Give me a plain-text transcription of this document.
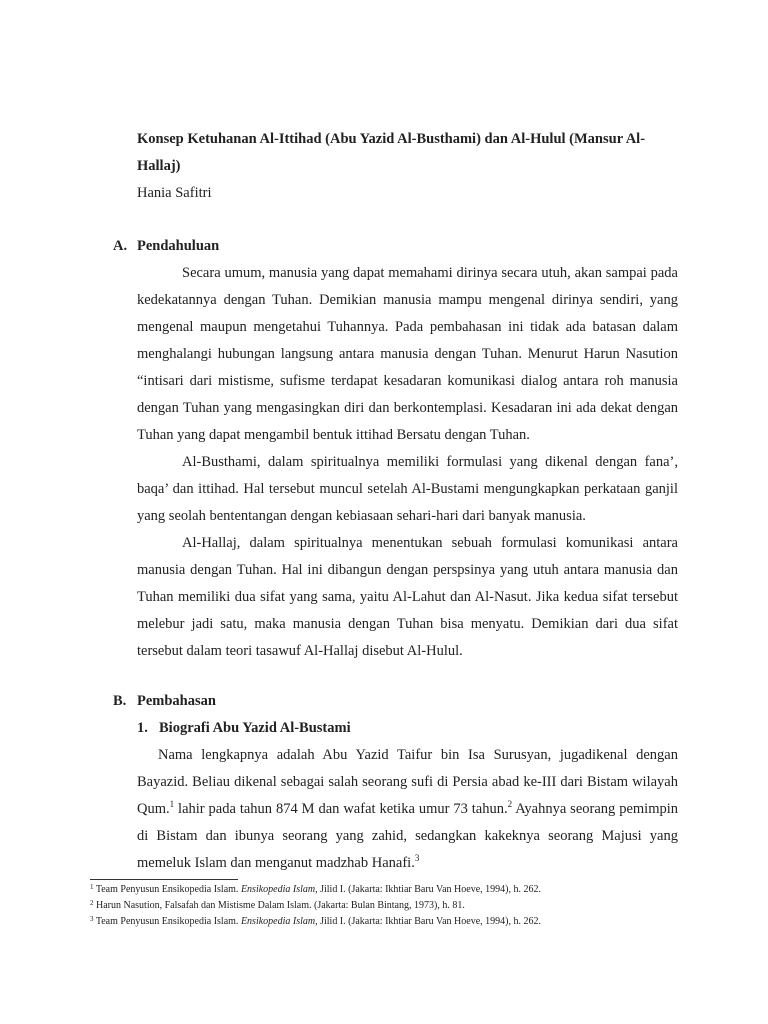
Konsep Ketuhanan Al-Ittihad (Abu Yazid Al-Busthami) dan Al-Hulul (Mansur Al-Hallaj)
Hania Safitri
A. Pendahuluan

Secara umum, manusia yang dapat memahami dirinya secara utuh, akan sampai pada kedekatannya dengan Tuhan. Demikian manusia mampu mengenal dirinya sendiri, yang mengenal maupun mengetahui Tuhannya. Pada pembahasan ini tidak ada batasan dalam menghalangi hubungan langsung antara manusia dengan Tuhan. Menurut Harun Nasution “intisari dari mistisme, sufisme terdapat kesadaran komunikasi dialog antara roh manusia dengan Tuhan yang mengasingkan diri dan berkontemplasi. Kesadaran ini ada dekat dengan Tuhan yang dapat mengambil bentuk ittihad Bersatu dengan Tuhan.

Al-Busthami, dalam spiritualnya memiliki formulasi yang dikenal dengan fana’, baqa’ dan ittihad. Hal tersebut muncul setelah Al-Bustami mengungkapkan perkataan ganjil yang seolah bententangan dengan kebiasaan sehari-hari dari banyak manusia.

Al-Hallaj, dalam spiritualnya menentukan sebuah formulasi komunikasi antara manusia dengan Tuhan. Hal ini dibangun dengan perspsinya yang utuh antara manusia dan Tuhan memiliki dua sifat yang sama, yaitu Al-Lahut dan Al-Nasut. Jika kedua sifat tersebut melebur jadi satu, maka manusia dengan Tuhan bisa menyatu. Demikian dari dua sifat tersebut dalam teori tasawuf Al-Hallaj disebut Al-Hulul.

B. Pembahasan
1. Biografi Abu Yazid Al-Bustami

Nama lengkapnya adalah Abu Yazid Taifur bin Isa Surusyan, jugadikenal dengan Bayazid. Beliau dikenal sebagai salah seorang sufi di Persia abad ke-III dari Bistam wilayah Qum.$^1$ lahir pada tahun 874 M dan wafat ketika umur 73 tahun.$^2$ Ayahnya seorang pemimpin di Bistam dan ibunya seorang yang zahid, sedangkan kakeknya seorang Majusi yang memeluk Islam dan menganut madzhab Hanafi.$^3$

$^1$ Team Penyusun Ensikopedia Islam. Ensikopedia Islam, Jilid I. (Jakarta: Ikhtiar Baru Van Hoeve, 1994), h. 262.
$^2$ Harun Nasution, Falsafah dan Mistisme Dalam Islam. (Jakarta: Bulan Bintang, 1973), h. 81.
$^3$ Team Penyusun Ensikopedia Islam. Ensikopedia Islam, Jilid I. (Jakarta: Ikhtiar Baru Van Hoeve, 1994), h. 262.
